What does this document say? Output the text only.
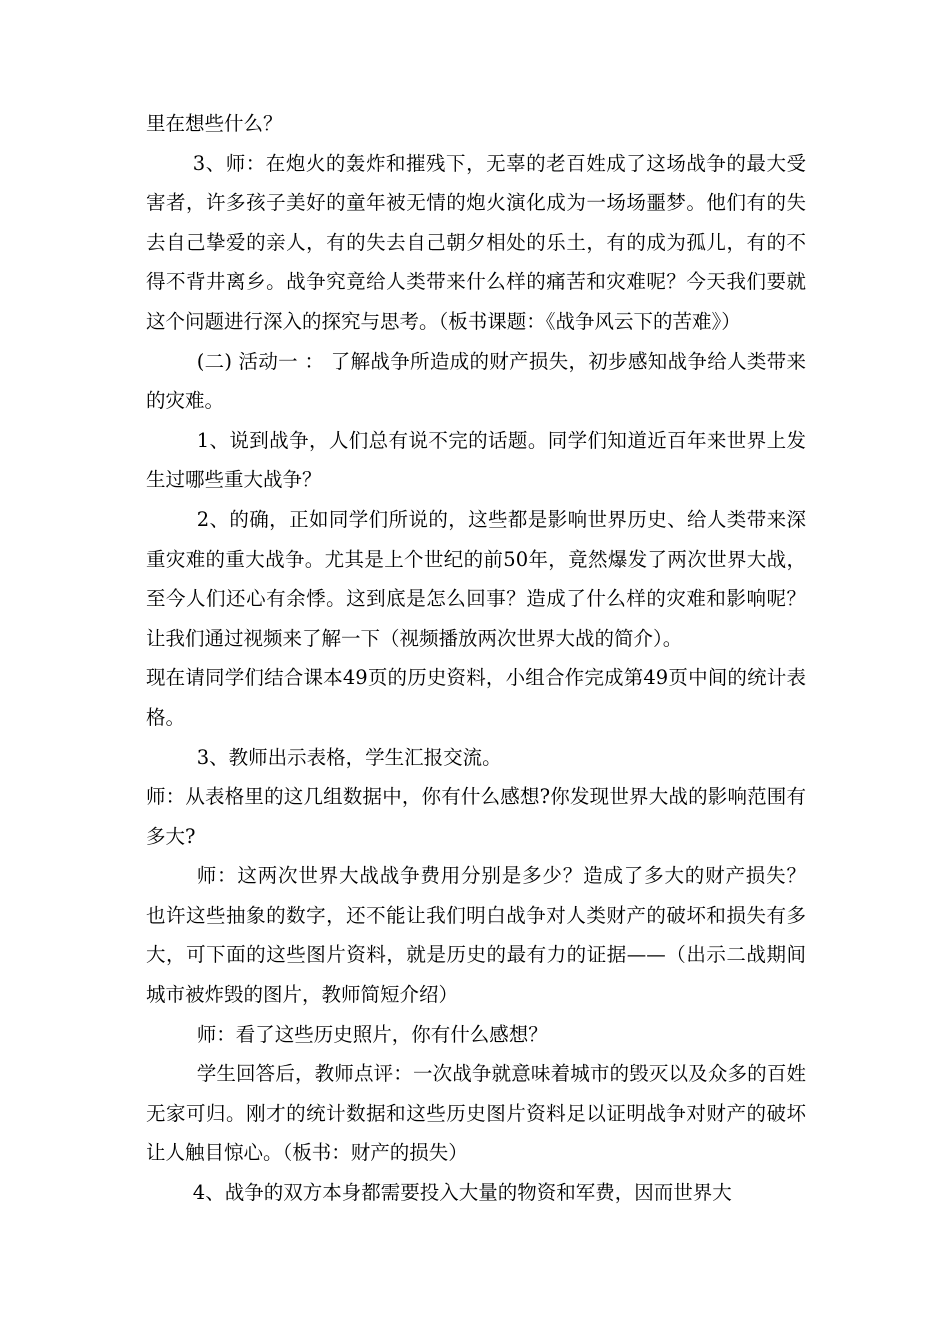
里在想些什么？

3、师：在炮火的轰炸和摧残下，无辜的老百姓成了这场战争的最大受害者，许多孩子美好的童年被无情的炮火演化成为一场场噩梦。他们有的失去自己挚爱的亲人，有的失去自己朝夕相处的乐土，有的成为孤儿，有的不得不背井离乡。战争究竟给人类带来什么样的痛苦和灾难呢？今天我们要就这个问题进行深入的探究与思考。（板书课题：《战争风云下的苦难》）

(二) 活动一 ： 了解战争所造成的财产损失，初步感知战争给人类带来的灾难。

1、说到战争，人们总有说不完的话题。同学们知道近百年来世界上发生过哪些重大战争？

2、的确，正如同学们所说的，这些都是影响世界历史、给人类带来深重灾难的重大战争。尤其是上个世纪的前50年，竟然爆发了两次世界大战，至今人们还心有余悸。这到底是怎么回事？造成了什么样的灾难和影响呢？让我们通过视频来了解一下（视频播放两次世界大战的简介）。

现在请同学们结合课本49页的历史资料，小组合作完成第49页中间的统计表格。

3、教师出示表格，学生汇报交流。

师：从表格里的这几组数据中，你有什么感想?你发现世界大战的影响范围有多大?

师：这两次世界大战战争费用分别是多少？造成了多大的财产损失？ 也许这些抽象的数字，还不能让我们明白战争对人类财产的破坏和损失有多大，可下面的这些图片资料，就是历史的最有力的证据——（出示二战期间城市被炸毁的图片，教师简短介绍）

师：看了这些历史照片，你有什么感想？

学生回答后，教师点评：一次战争就意味着城市的毁灭以及众多的百姓无家可归。刚才的统计数据和这些历史图片资料足以证明战争对财产的破坏让人触目惊心。（板书：财产的损失）

4、战争的双方本身都需要投入大量的物资和军费，因而世界大
